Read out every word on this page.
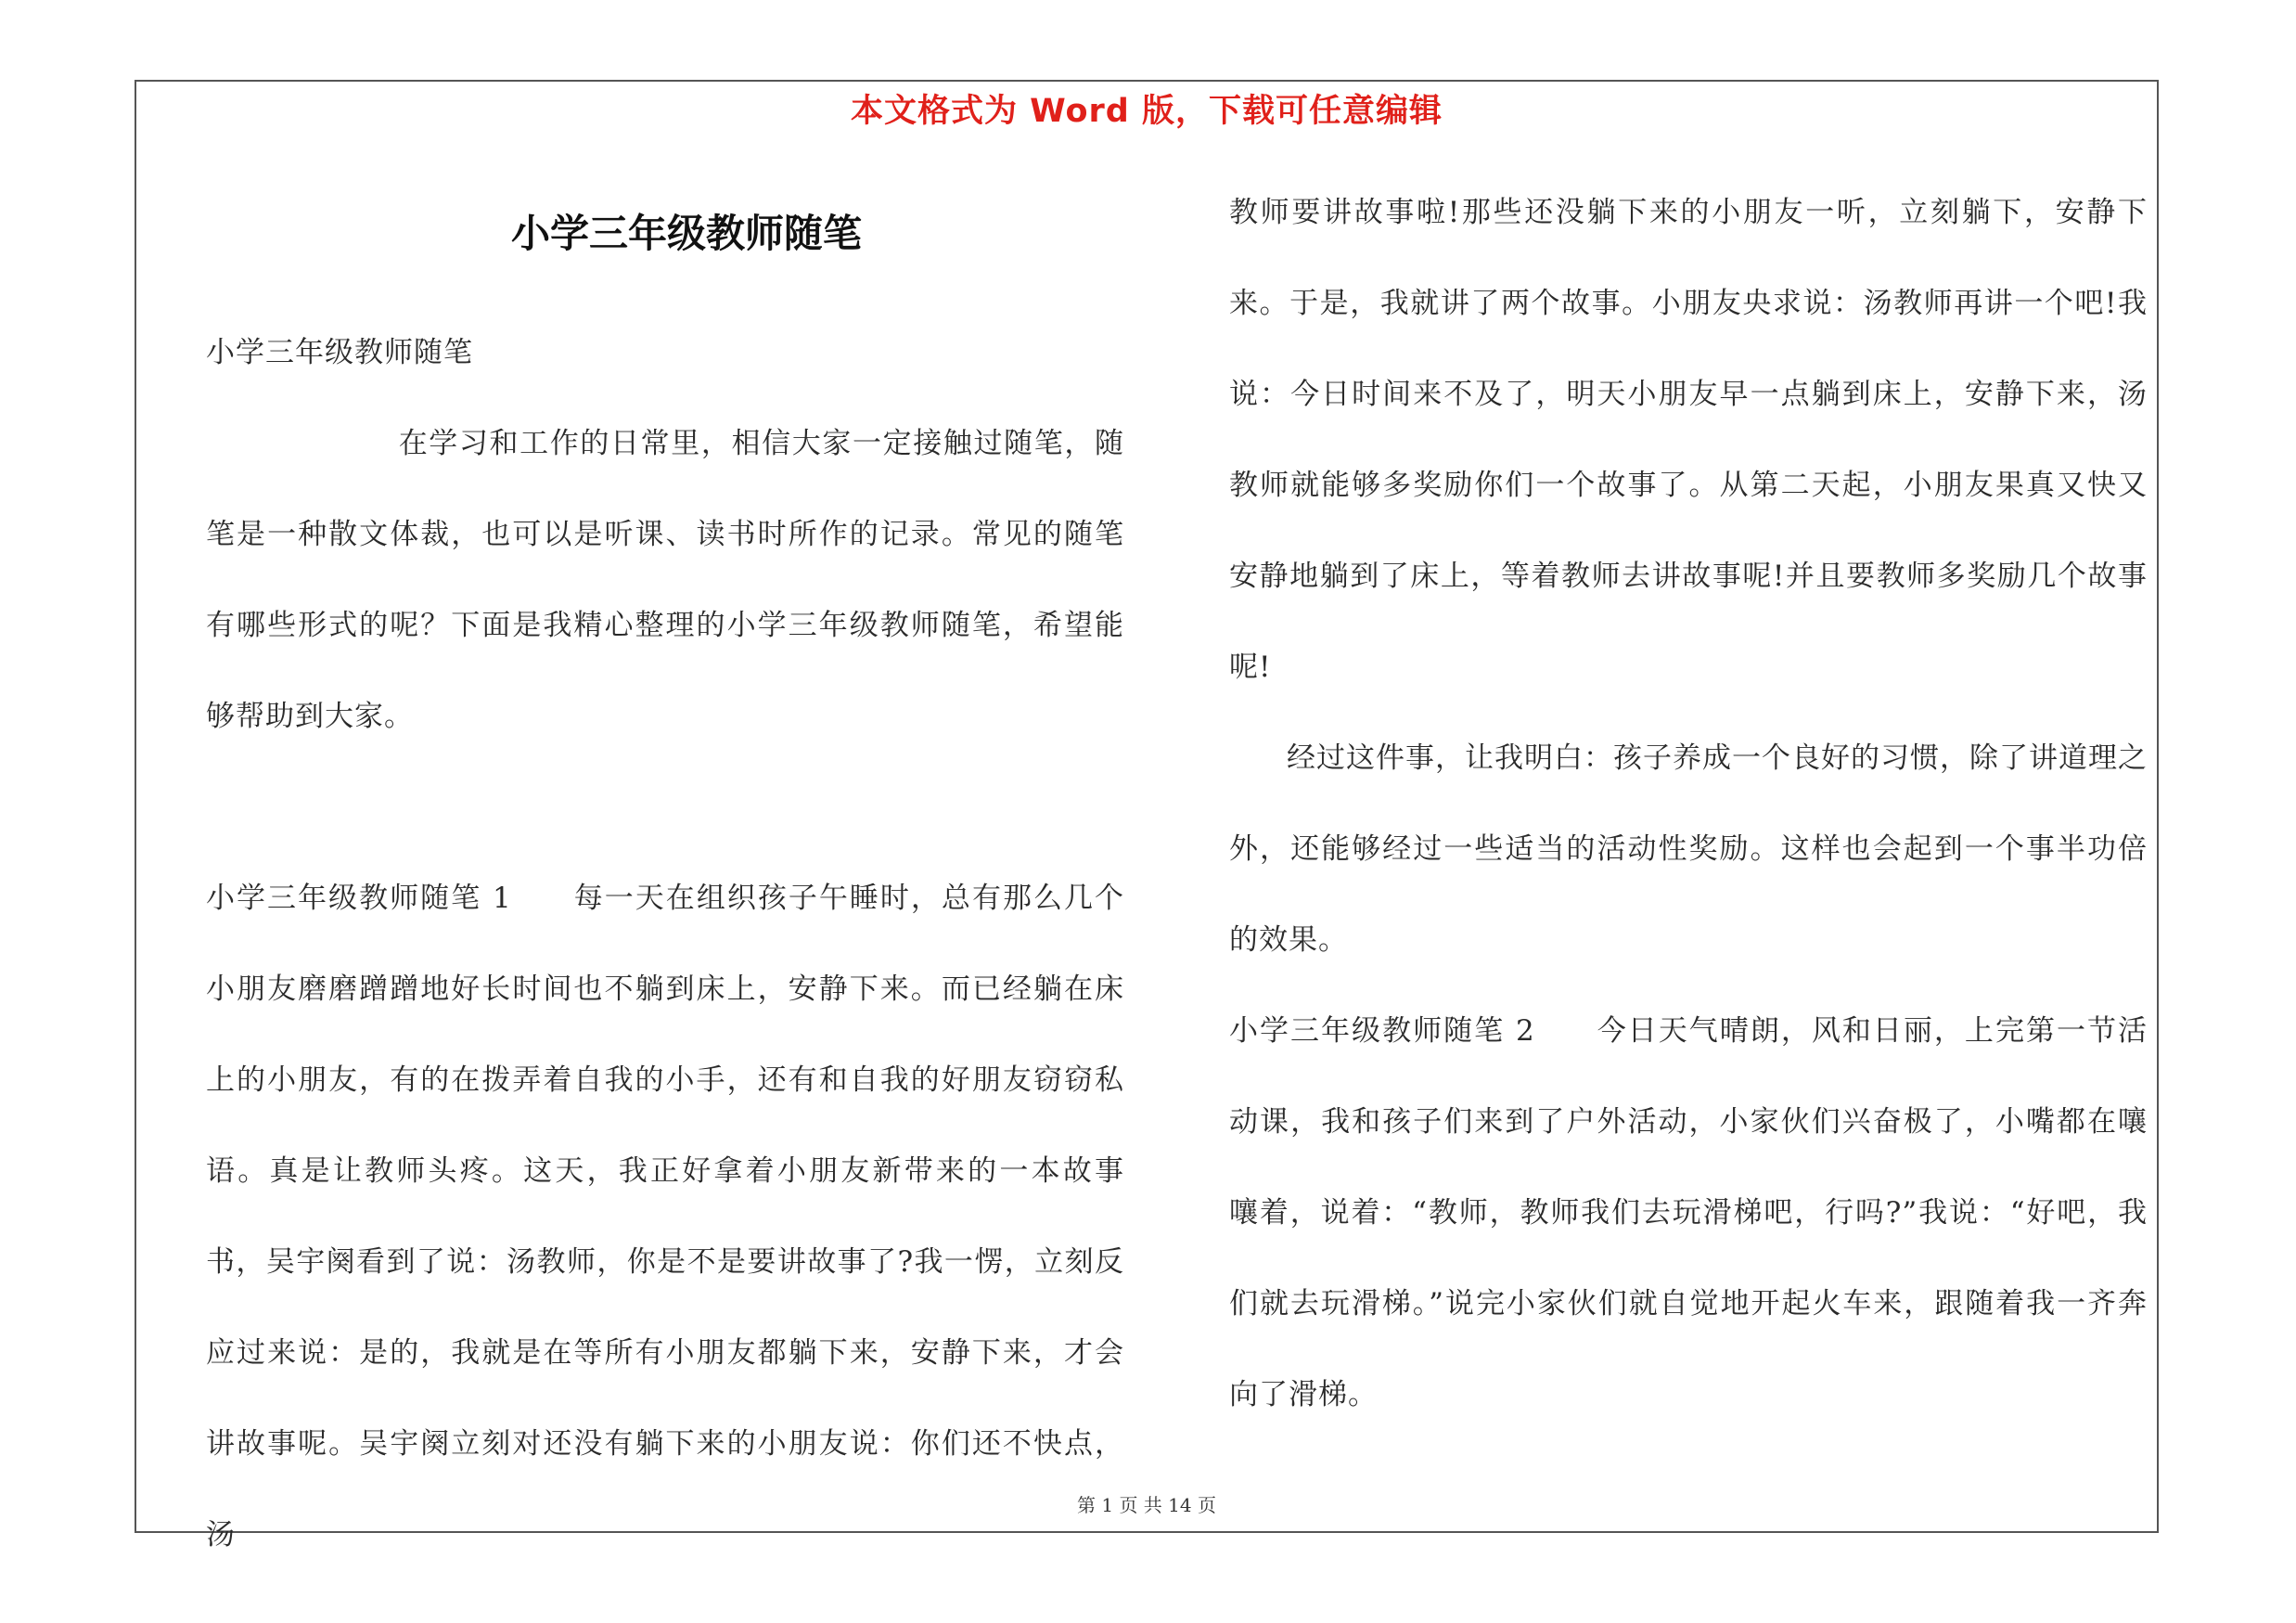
本文格式为 Word 版，下载可任意编辑
小学三年级教师随笔

小学三年级教师随笔

在学习和工作的日常里，相信大家一定接触过随笔，随笔是一种散文体裁，也可以是听课、读书时所作的记录。常见的随笔有哪些形式的呢？下面是我精心整理的小学三年级教师随笔，希望能够帮助到大家。

小学三年级教师随笔 1　　 每一天在组织孩子午睡时，总有那么几个小朋友磨磨蹭蹭地好长时间也不躺到床上，安静下来。而已经躺在床上的小朋友，有的在拨弄着自我的小手，还有和自我的好朋友窃窃私语。真是让教师头疼。这天，我正好拿着小朋友新带来的一本故事书，吴宇阕看到了说：汤教师，你是不是要讲故事了?我一愣，立刻反应过来说：是的，我就是在等所有小朋友都躺下来，安静下来，才会讲故事呢。吴宇阕立刻对还没有躺下来的小朋友说：你们还不快点，汤

教师要讲故事啦!那些还没躺下来的小朋友一听，立刻躺下，安静下来。于是，我就讲了两个故事。小朋友央求说：汤教师再讲一个吧!我说：今日时间来不及了，明天小朋友早一点躺到床上，安静下来，汤教师就能够多奖励你们一个故事了。从第二天起，小朋友果真又快又安静地躺到了床上，等着教师去讲故事呢!并且要教师多奖励几个故事呢!

经过这件事，让我明白：孩子养成一个良好的习惯，除了讲道理之外，还能够经过一些适当的活动性奖励。这样也会起到一个事半功倍的效果。

小学三年级教师随笔 2　　 今日天气晴朗，风和日丽，上完第一节活动课，我和孩子们来到了户外活动，小家伙们兴奋极了，小嘴都在嚷嚷着，说着：“教师，教师我们去玩滑梯吧，行吗?”我说：“好吧，我们就去玩滑梯。”说完小家伙们就自觉地开起火车来，跟随着我一齐奔向了滑梯。

第 1 页 共 14 页
